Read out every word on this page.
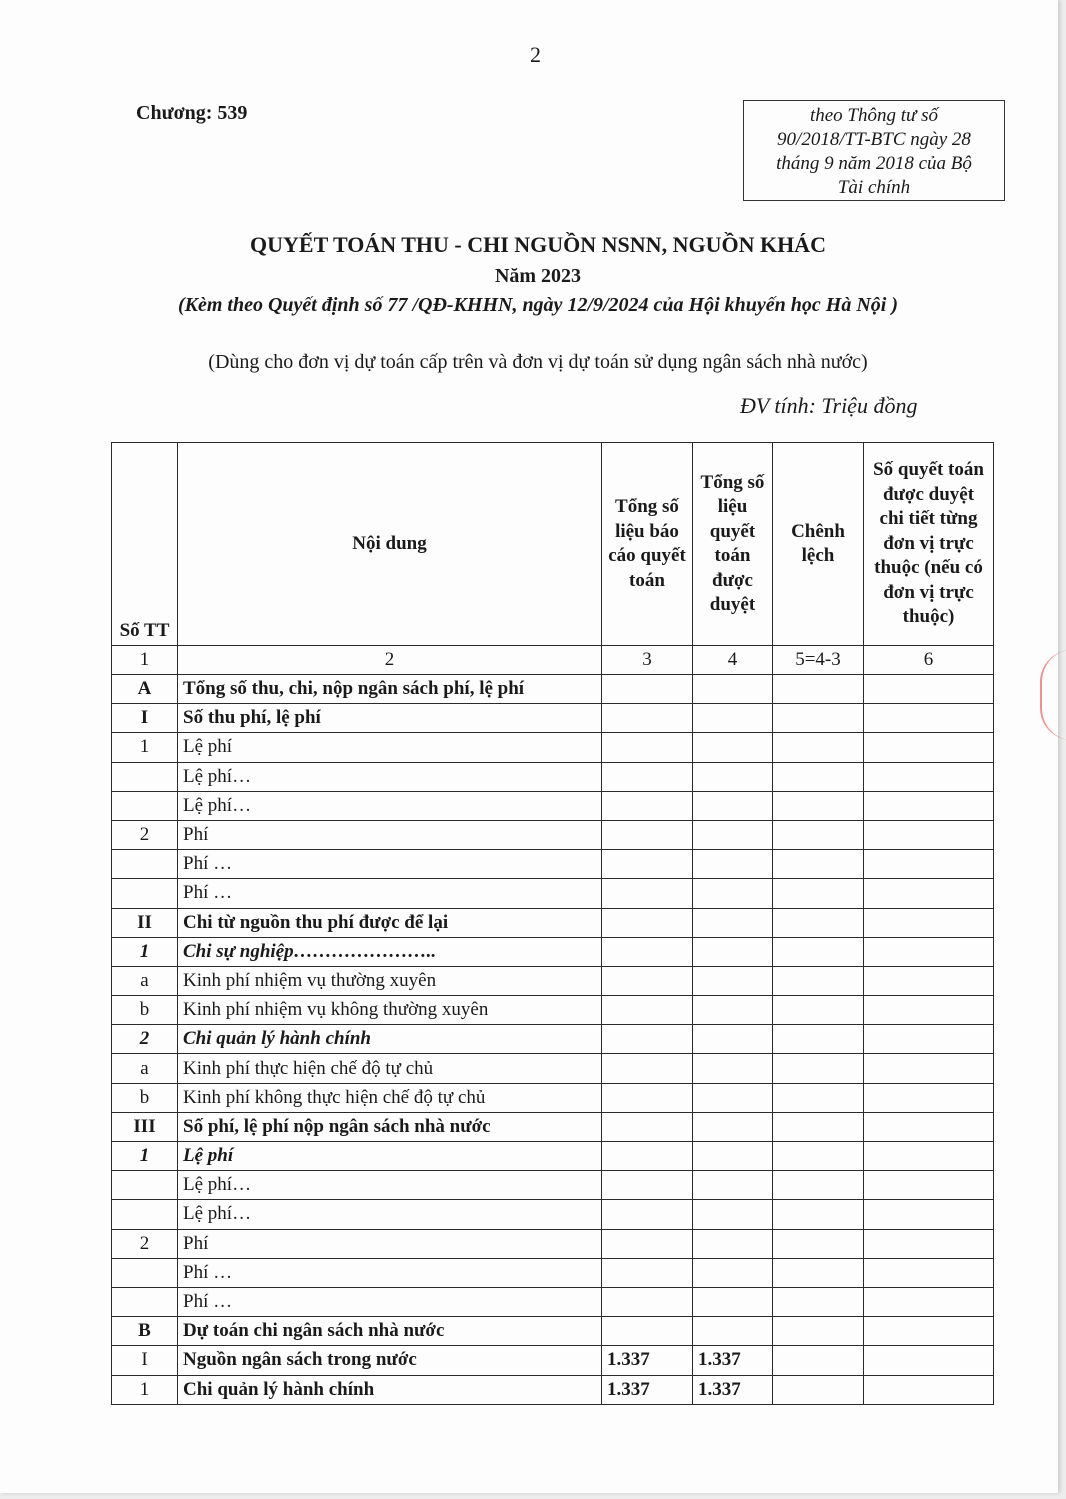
2
Chương: 539	theo Thông tư số
90/2018/TT-BTC ngày 28
tháng 9 năm 2018 của Bộ
Tài chính
QUYẾT TOÁN THU - CHI NGUỒN NSNN, NGUỒN KHÁC
Năm 2023
(Kèm theo Quyết định số 77 /QĐ-KHHN, ngày 12/9/2024 của Hội khuyến học Hà Nội )
(Dùng cho đơn vị dự toán cấp trên và đơn vị dự toán sử dụng ngân sách nhà nước)
ĐV tính: Triệu đồng
Số TT	Nội dung	Tổng số liệu báo cáo quyết toán	Tổng số liệu quyết toán được duyệt	Chênh lệch	Số quyết toán được duyệt chi tiết từng đơn vị trực thuộc (nếu có đơn vị trực thuộc)
1	2	3	4	5=4-3	6
A	Tổng số thu, chi, nộp ngân sách phí, lệ phí				
I	Số thu phí, lệ phí				
1	Lệ phí				
	Lệ phí…				
	Lệ phí…				
2	Phí				
	Phí …				
	Phí …				
II	Chi từ nguồn thu phí được để lại				
1	Chi sự nghiệp…………………..				
a	Kinh phí nhiệm vụ thường xuyên				
b	Kinh phí nhiệm vụ không thường xuyên				
2	Chi quản lý hành chính				
a	Kinh phí thực hiện chế độ tự chủ				
b	Kinh phí không thực hiện chế độ tự chủ				
III	Số phí, lệ phí nộp ngân sách nhà nước				
1	Lệ phí				
	Lệ phí…				
	Lệ phí…				
2	Phí				
	Phí …				
	Phí …				
B	Dự toán chi ngân sách nhà nước				
I	Nguồn ngân sách trong nước	1.337	1.337		
1	Chi quản lý hành chính	1.337	1.337		
